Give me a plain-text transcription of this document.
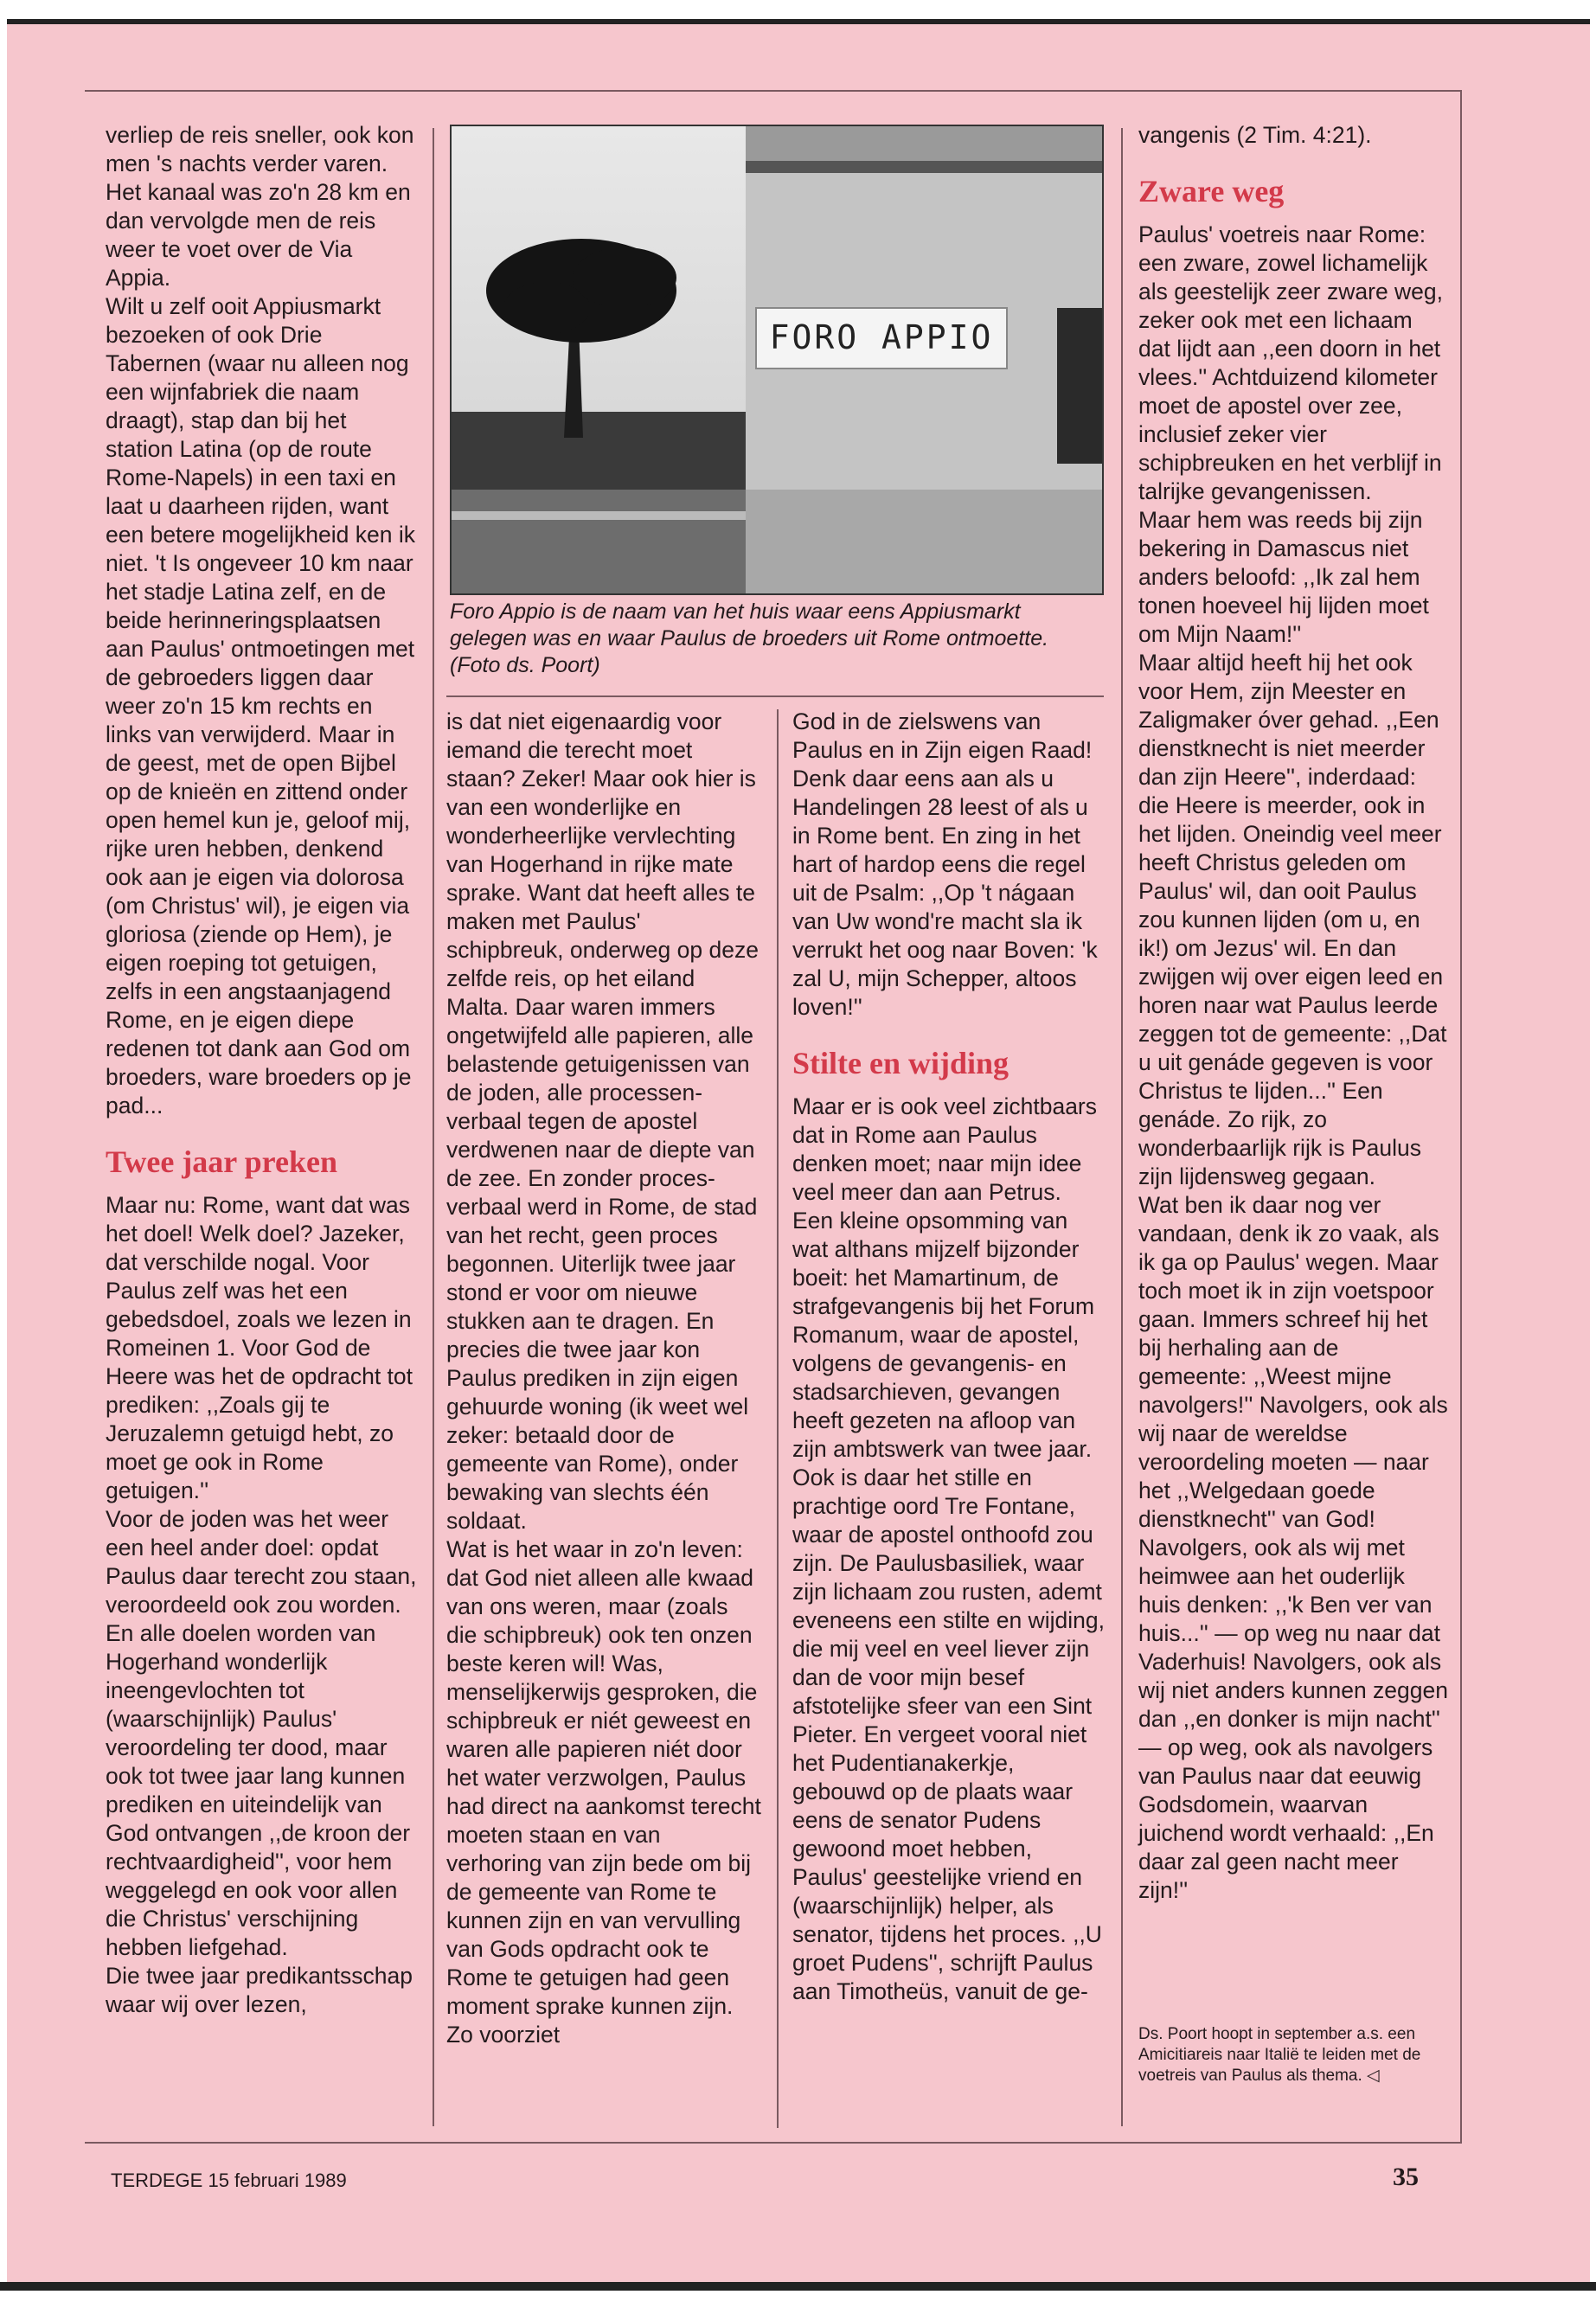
verliep de reis sneller, ook kon men 's nachts verder varen. Het kanaal was zo'n 28 km en dan vervolgde men de reis weer te voet over de Via Appia.

Wilt u zelf ooit Appiusmarkt bezoeken of ook Drie Tabernen (waar nu alleen nog een wijnfabriek die naam draagt), stap dan bij het station Latina (op de route Rome-Napels) in een taxi en laat u daarheen rijden, want een betere mogelijkheid ken ik niet. 't Is ongeveer 10 km naar het stadje Latina zelf, en de beide herinneringsplaatsen aan Paulus' ontmoetingen met de gebroeders liggen daar weer zo'n 15 km rechts en links van verwijderd. Maar in de geest, met de open Bijbel op de knieën en zittend onder open hemel kun je, geloof mij, rijke uren hebben, denkend ook aan je eigen via dolorosa (om Christus' wil), je eigen via gloriosa (ziende op Hem), je eigen roeping tot getuigen, zelfs in een angstaanjagend Rome, en je eigen diepe redenen tot dank aan God om broeders, ware broeders op je pad...

Twee jaar preken

Maar nu: Rome, want dat was het doel! Welk doel? Jazeker, dat verschilde nogal. Voor Paulus zelf was het een gebedsdoel, zoals we lezen in Romeinen 1. Voor God de Heere was het de opdracht tot prediken: ,,Zoals gij te Jeruzalemn getuigd hebt, zo moet ge ook in Rome getuigen.''

Voor de joden was het weer een heel ander doel: opdat Paulus daar terecht zou staan, veroordeeld ook zou worden. En alle doelen worden van Hogerhand wonderlijk ineengevlochten tot (waarschijnlijk) Paulus' veroordeling ter dood, maar ook tot twee jaar lang kunnen prediken en uiteindelijk van God ontvangen ,,de kroon der rechtvaardigheid'', voor hem weggelegd en ook voor allen die Christus' verschijning hebben liefgehad.

Die twee jaar predikantsschap waar wij over lezen,

FORO APPIO
Foro Appio is de naam van het huis waar eens Appiusmarkt gelegen was en waar Paulus de broeders uit Rome ontmoette. (Foto ds. Poort)

is dat niet eigenaardig voor iemand die terecht moet staan? Zeker! Maar ook hier is van een wonderlijke en wonderheerlijke vervlechting van Hogerhand in rijke mate sprake. Want dat heeft alles te maken met Paulus' schipbreuk, onderweg op deze zelfde reis, op het eiland Malta. Daar waren immers ongetwijfeld alle papieren, alle belastende getuigenissen van de joden, alle processen-verbaal tegen de apostel verdwenen naar de diepte van de zee. En zonder proces-verbaal werd in Rome, de stad van het recht, geen proces begonnen. Uiterlijk twee jaar stond er voor om nieuwe stukken aan te dragen. En precies die twee jaar kon Paulus prediken in zijn eigen gehuurde woning (ik weet wel zeker: betaald door de gemeente van Rome), onder bewaking van slechts één soldaat.

Wat is het waar in zo'n leven: dat God niet alleen alle kwaad van ons weren, maar (zoals die schipbreuk) ook ten onzen beste keren wil! Was, menselijkerwijs gesproken, die schipbreuk er niét geweest en waren alle papieren niét door het water verzwolgen, Paulus had direct na aankomst terecht moeten staan en van verhoring van zijn bede om bij de gemeente van Rome te kunnen zijn en van vervulling van Gods opdracht ook te Rome te getuigen had geen moment sprake kunnen zijn. Zo voorziet

God in de zielswens van Paulus en in Zijn eigen Raad!

Denk daar eens aan als u Handelingen 28 leest of als u in Rome bent. En zing in het hart of hardop eens die regel uit de Psalm: ,,Op 't nágaan van Uw wond're macht sla ik verrukt het oog naar Boven: 'k zal U, mijn Schepper, altoos loven!''

Stilte en wijding

Maar er is ook veel zichtbaars dat in Rome aan Paulus denken moet; naar mijn idee veel meer dan aan Petrus. Een kleine opsomming van wat althans mijzelf bijzonder boeit: het Mamartinum, de strafgevangenis bij het Forum Romanum, waar de apostel, volgens de gevangenis- en stadsarchieven, gevangen heeft gezeten na afloop van zijn ambtswerk van twee jaar. Ook is daar het stille en prachtige oord Tre Fontane, waar de apostel onthoofd zou zijn. De Paulusbasiliek, waar zijn lichaam zou rusten, ademt eveneens een stilte en wijding, die mij veel en veel liever zijn dan de voor mijn besef afstotelijke sfeer van een Sint Pieter. En vergeet vooral niet het Pudentianakerkje, gebouwd op de plaats waar eens de senator Pudens gewoond moet hebben, Paulus' geestelijke vriend en (waarschijnlijk) helper, als senator, tijdens het proces. ,,U groet Pudens'', schrijft Paulus aan Timotheüs, vanuit de ge-

vangenis (2 Tim. 4:21).

Zware weg

Paulus' voetreis naar Rome: een zware, zowel lichamelijk als geestelijk zeer zware weg, zeker ook met een lichaam dat lijdt aan ,,een doorn in het vlees.'' Achtduizend kilometer moet de apostel over zee, inclusief zeker vier schipbreuken en het verblijf in talrijke gevangenissen.

Maar hem was reeds bij zijn bekering in Damascus niet anders beloofd: ,,Ik zal hem tonen hoeveel hij lijden moet om Mijn Naam!''

Maar altijd heeft hij het ook voor Hem, zijn Meester en Zaligmaker óver gehad. ,,Een dienstknecht is niet meerder dan zijn Heere'', inderdaad: die Heere is meerder, ook in het lijden. Oneindig veel meer heeft Christus geleden om Paulus' wil, dan ooit Paulus zou kunnen lijden (om u, en ik!) om Jezus' wil. En dan zwijgen wij over eigen leed en horen naar wat Paulus leerde zeggen tot de gemeente: ,,Dat u uit genáde gegeven is voor Christus te lijden...'' Een genáde. Zo rijk, zo wonderbaarlijk rijk is Paulus zijn lijdensweg gegaan.

Wat ben ik daar nog ver vandaan, denk ik zo vaak, als ik ga op Paulus' wegen. Maar toch moet ik in zijn voetspoor gaan. Immers schreef hij het bij herhaling aan de gemeente: ,,Weest mijne navolgers!'' Navolgers, ook als wij naar de wereldse veroordeling moeten — naar het ,,Welgedaan goede dienstknecht'' van God!

Navolgers, ook als wij met heimwee aan het ouderlijk huis denken: ,,'k Ben ver van huis...'' — op weg nu naar dat Vaderhuis! Navolgers, ook als wij niet anders kunnen zeggen dan ,,en donker is mijn nacht'' — op weg, ook als navolgers van Paulus naar dat eeuwig Godsdomein, waarvan juichend wordt verhaald: ,,En daar zal geen nacht meer zijn!''

Ds. Poort hoopt in september a.s. een Amicitiareis naar Italië te leiden met de voetreis van Paulus als thema. ◁
TERDEGE 15 februari 1989	35
